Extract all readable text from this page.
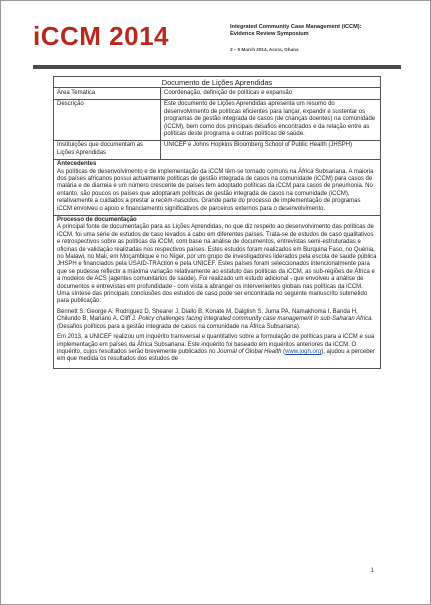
iCCM 2014	Integrated Community Case Management (iCCM):
Evidence Review Symposium
3 – 5 March 2014, Accra, Ghana
Documento de Lições Aprendidas	
Área Temática	Coordenação, definição de políticas e expansão
Descrição	Este documento de Lições Aprendidas apresenta um resumo do desenvolvimento de políticas eficientes para lançar, expandir e sustentar os programas de gestão integrada de casos (de crianças doentes) na comunidade (iCCM), bem como dos principais desafios encontrados e da relação entre as políticas deste programa e outras políticas de saúde.
Instituições que documentam as Lições Aprendidas	UNICEF e Johns Hopkins Bloomberg School of Public Health (JHSPH)

Antecedentes
As políticas de desenvolvimento e de implementação da iCCM têm-se tornado comuns na África Subsariana. A maioria dos países africanos possui actualmente políticas de gestão integrada de casos na comunidade (iCCM) para casos de malária e de diarreia e um número crescente de países tem adoptado políticas da iCCM para casos de pneumonia. No entanto, são poucos os países que adoptaram políticas de gestão integrada de casos na comunidade (iCCM), relativamente a cuidados a prestar a recém-nascidos. Grande parte do processo de implementação de programas iCCM envolveu o apoio e financiamento significativos de parceiros externos para o desenvolvimento.	

Processo de documentação
A principal fonte de documentação para as Lições Aprendidas, no que diz respeito ao desenvolvimento das políticas de iCCM, foi uma série de estudos de caso levados a cabo em diferentes países. Trata-se de estudos de caso qualitativos e retrospectivos sobre as políticas da iCCM, com base na análise de documentos, entrevistas semi-estruturadas e oficinas de validação realizadas nos respectivos países. Estes estudos foram realizados em Burquina Faso, no Quénia, no Malawi, no Mali, em Moçambique e no Níger, por um grupo de investigadores liderados pela escola de saúde pública JHSPH e financiados pela USAID-TRAction e pela UNICEF. Estes países foram seleccionados intencionalmente para que se pudesse reflectir a máxima variação relativamente ao estatuto das políticas da iCCM, as sub-regiões de África e a modelos de ACS (agentes comunitários de saúde). Foi realizado um estudo adicional - que envolveu a análise de documentos e entrevistas em profundidade - com vista a abranger os intervenientes globais nas políticas da iCCM. Uma síntese das principais conclusões dos estudos de caso pode ser encontrada no seguinte manuscrito submetido para publicação:
Bennett S. George A. Rodriguez D, Shearer J, Diallo B, Konate M, Dalglish S, Juma PA, Namakhoma I, Banda H, Chilundo B, Mariano A, Cliff J. Policy challenges facing integrated community case management in sub-Saharan Africa. (Desafios políticos para a gestão integrada de casos na comunidade na África Subsariana).
Em 2013, a UNICEF realizou um inquérito transversal e quantitativo sobre a formulação de políticas para a iCCM e sua implementação em países da África Subsariana. Este inquérito foi baseado em inquéritos anteriores da iCCM. O inquérito, cujos resultados serão brevemente publicados no Journal of Global Health (www.jogh.org), ajudou a perceber em que medida os resultados dos estudos de	
1
